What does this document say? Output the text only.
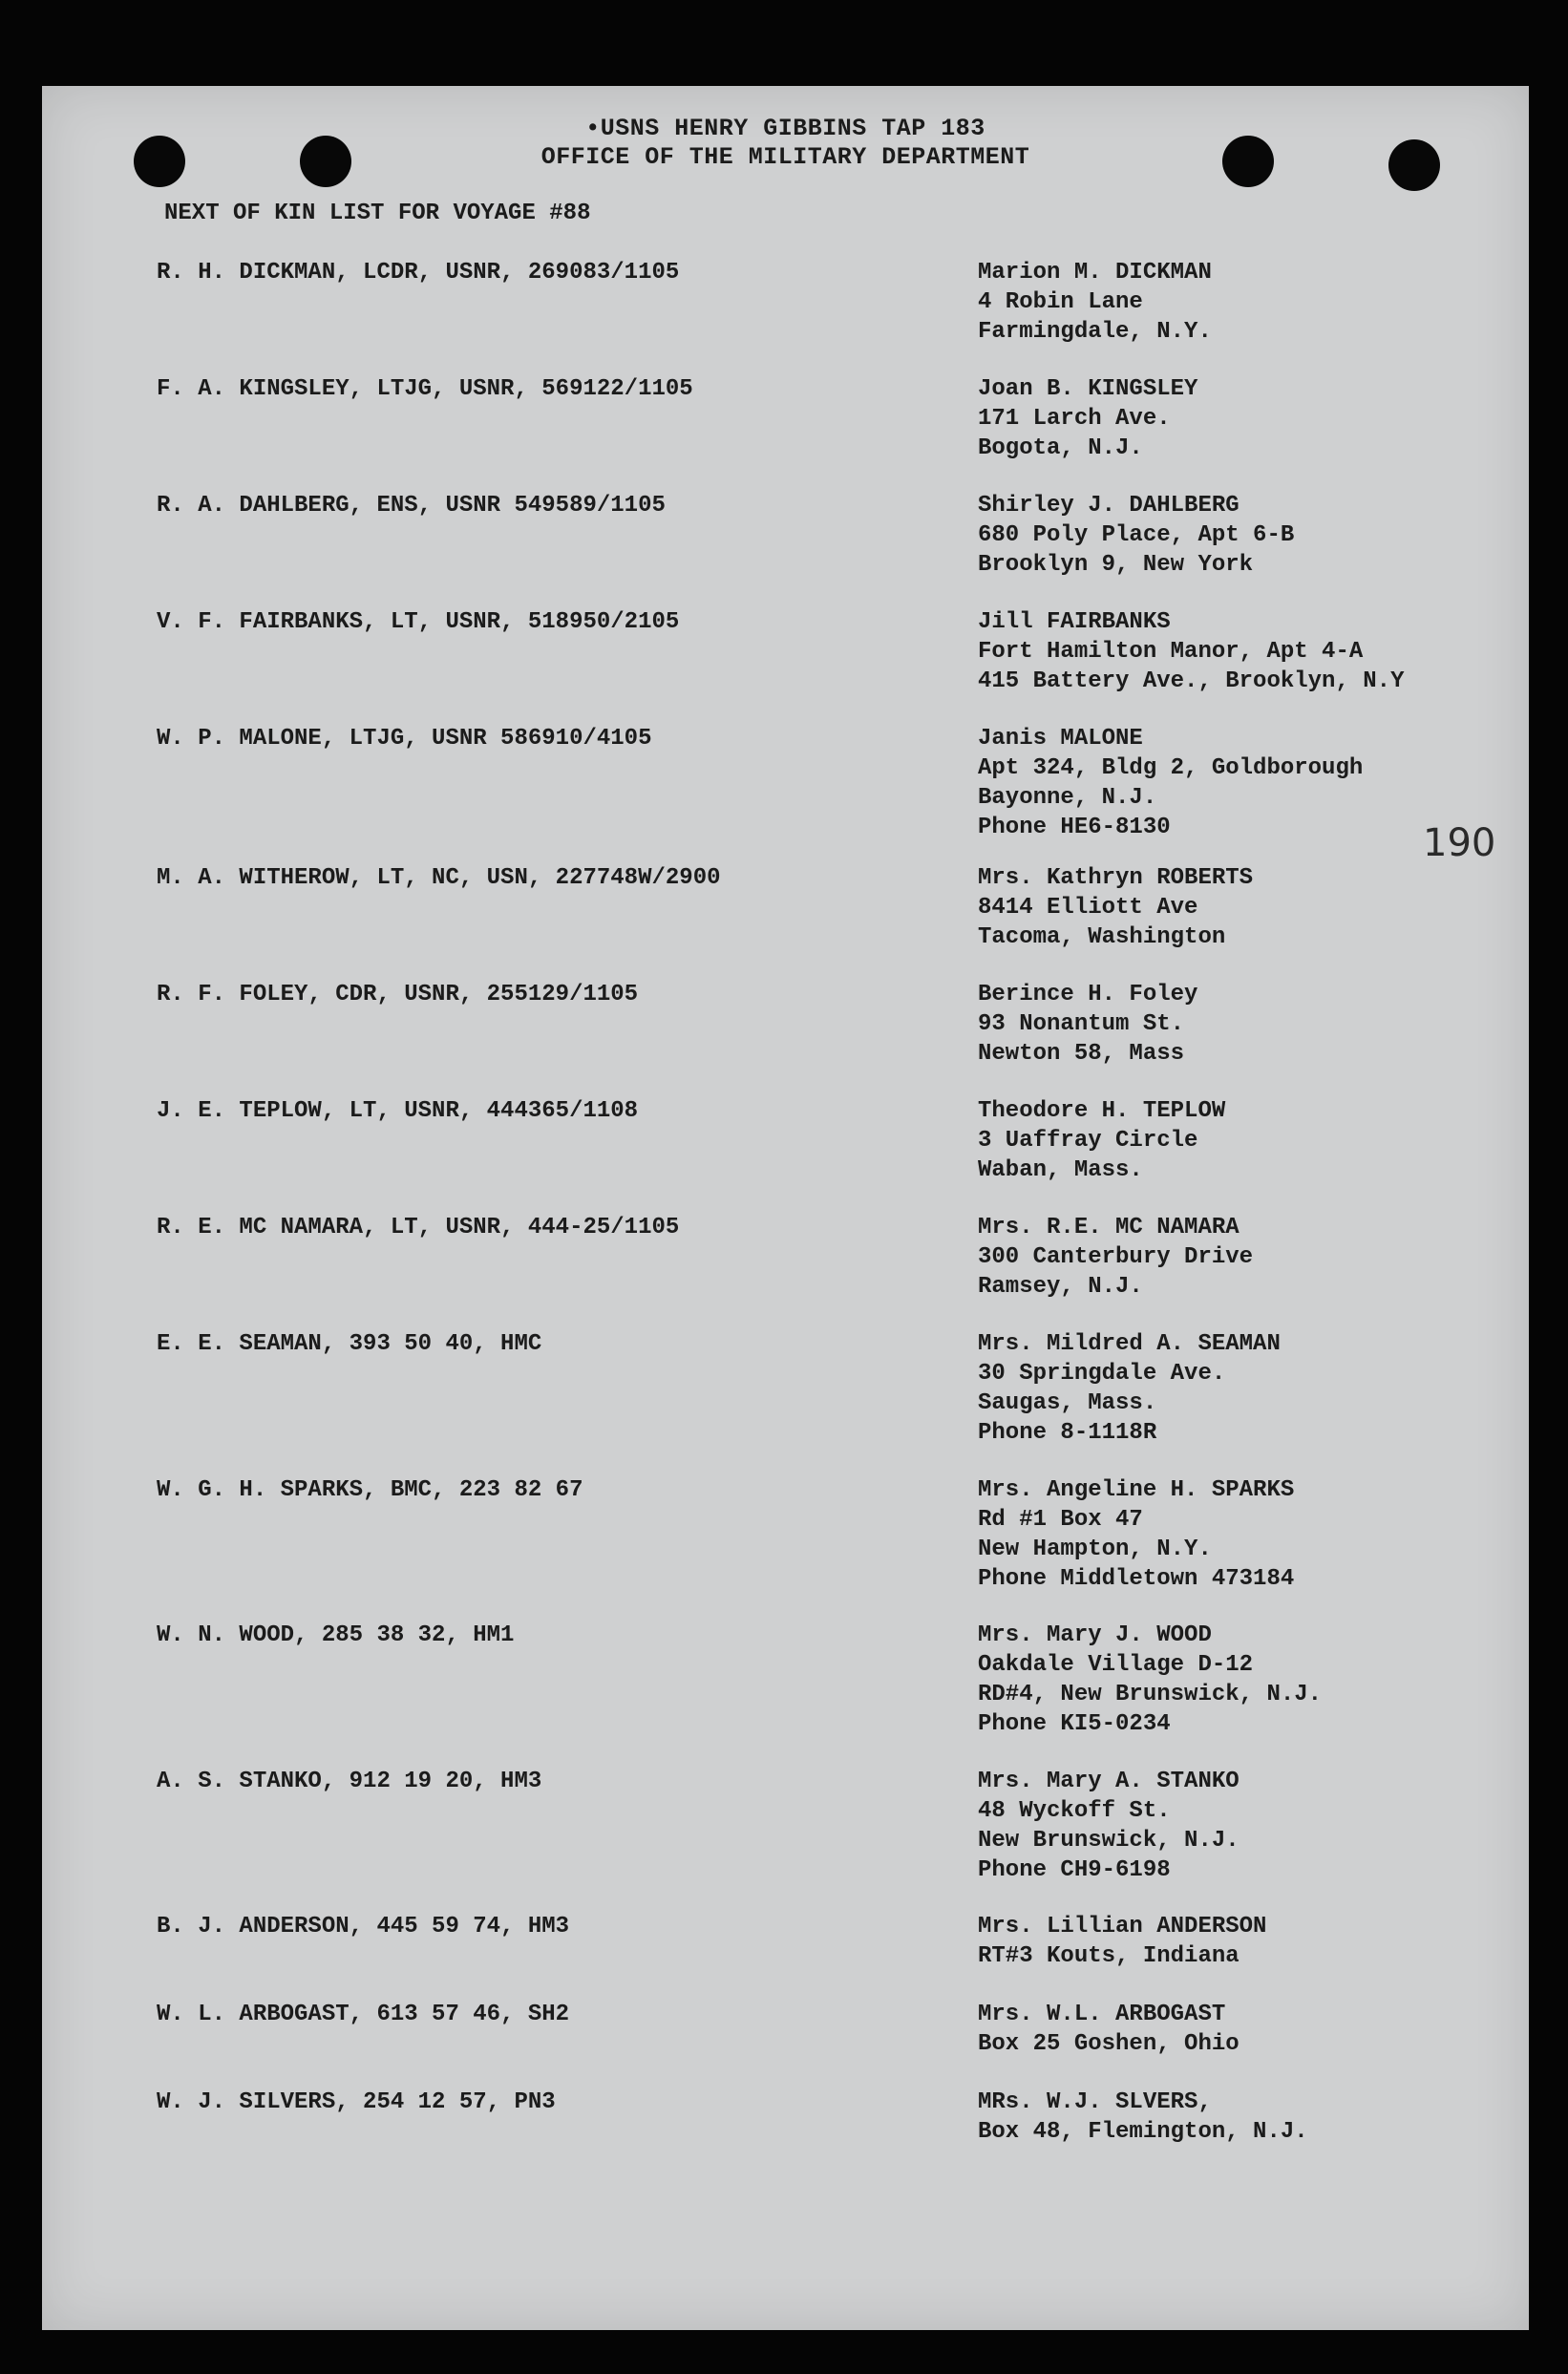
•USNS HENRY GIBBINS TAP 183
OFFICE OF THE MILITARY DEPARTMENT
NEXT OF KIN LIST FOR VOYAGE #88
190
R. H. DICKMAN, LCDR, USNR, 269083/1105	Marion M. DICKMAN
4 Robin Lane
Farmingdale, N.Y.
F. A. KINGSLEY, LTJG, USNR, 569122/1105	Joan B. KINGSLEY
171 Larch Ave.
Bogota, N.J.
R. A. DAHLBERG, ENS, USNR 549589/1105	Shirley J. DAHLBERG
680 Poly Place, Apt 6-B
Brooklyn 9, New York
V. F. FAIRBANKS, LT, USNR, 518950/2105	Jill FAIRBANKS
Fort Hamilton Manor, Apt 4-A
415 Battery Ave., Brooklyn, N.Y
W. P. MALONE, LTJG, USNR 586910/4105	Janis MALONE
Apt 324, Bldg 2, Goldborough
Bayonne, N.J.
Phone HE6-8130
M. A. WITHEROW, LT, NC, USN, 227748W/2900	Mrs. Kathryn ROBERTS
8414 Elliott Ave
Tacoma, Washington
R. F. FOLEY, CDR, USNR, 255129/1105	Berince H. Foley
93 Nonantum St.
Newton 58, Mass
J. E. TEPLOW, LT, USNR, 444365/1108	Theodore H. TEPLOW
3 Uaffray Circle
Waban, Mass.
R. E. MC NAMARA, LT, USNR, 444-25/1105	Mrs. R.E. MC NAMARA
300 Canterbury Drive
Ramsey, N.J.
E. E. SEAMAN, 393 50 40, HMC	Mrs. Mildred A. SEAMAN
30 Springdale Ave.
Saugas, Mass.
Phone 8-1118R
W. G. H. SPARKS, BMC, 223 82 67	Mrs. Angeline H. SPARKS
Rd #1 Box 47
New Hampton, N.Y.
Phone Middletown 473184
W. N. WOOD, 285 38 32, HM1	Mrs. Mary J. WOOD
Oakdale Village D-12
RD#4, New Brunswick, N.J.
Phone KI5-0234
A. S. STANKO, 912 19 20, HM3	Mrs. Mary A. STANKO
48 Wyckoff St.
New Brunswick, N.J.
Phone CH9-6198
B. J. ANDERSON, 445 59 74, HM3	Mrs. Lillian ANDERSON
RT#3 Kouts, Indiana
W. L. ARBOGAST, 613 57 46, SH2	Mrs. W.L. ARBOGAST
Box 25 Goshen, Ohio
W. J. SILVERS, 254 12 57, PN3	MRs. W.J. SLVERS,
Box 48, Flemington, N.J.
